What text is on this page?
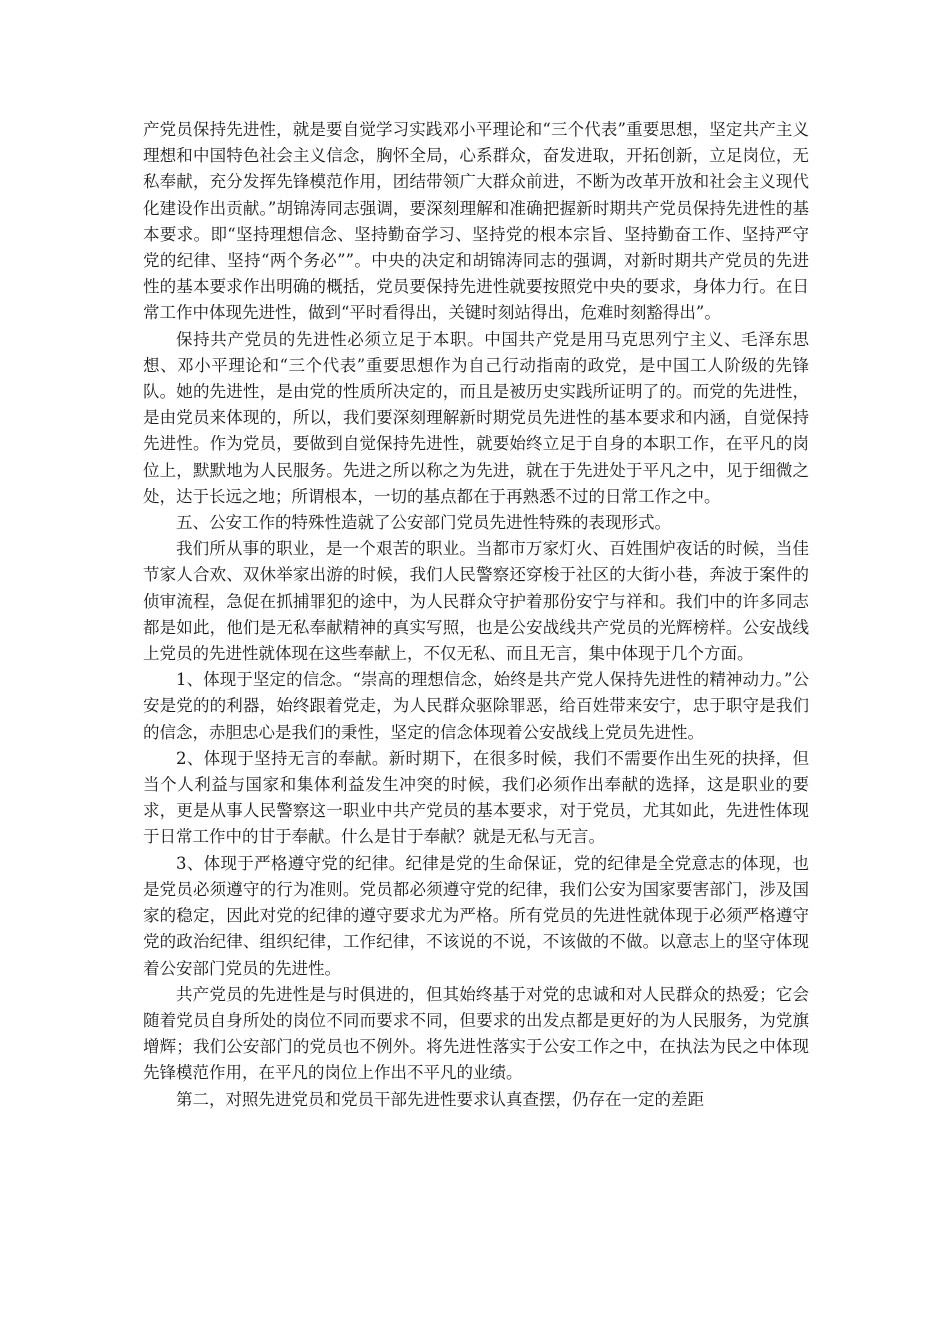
产党员保持先进性，就是要自觉学习实践邓小平理论和“三个代表”重要思想，坚定共产主义理想和中国特色社会主义信念，胸怀全局，心系群众，奋发进取，开拓创新，立足岗位，无私奉献，充分发挥先锋模范作用，团结带领广大群众前进，不断为改革开放和社会主义现代化建设作出贡献。”胡锦涛同志强调，要深刻理解和准确把握新时期共产党员保持先进性的基本要求。即“坚持理想信念、坚持勤奋学习、坚持党的根本宗旨、坚持勤奋工作、坚持严守党的纪律、坚持“两个务必””。中央的决定和胡锦涛同志的强调，对新时期共产党员的先进性的基本要求作出明确的概括，党员要保持先进性就要按照党中央的要求，身体力行。在日常工作中体现先进性，做到“平时看得出，关键时刻站得出，危难时刻豁得出”。

保持共产党员的先进性必须立足于本职。中国共产党是用马克思列宁主义、毛泽东思想、邓小平理论和“三个代表”重要思想作为自己行动指南的政党，是中国工人阶级的先锋队。她的先进性，是由党的性质所决定的，而且是被历史实践所证明了的。而党的先进性，是由党员来体现的，所以，我们要深刻理解新时期党员先进性的基本要求和内涵，自觉保持先进性。作为党员，要做到自觉保持先进性，就要始终立足于自身的本职工作，在平凡的岗位上，默默地为人民服务。先进之所以称之为先进，就在于先进处于平凡之中，见于细微之处，达于长远之地；所谓根本，一切的基点都在于再熟悉不过的日常工作之中。

五、公安工作的特殊性造就了公安部门党员先进性特殊的表现形式。

我们所从事的职业，是一个艰苦的职业。当都市万家灯火、百姓围炉夜话的时候，当佳节家人合欢、双休举家出游的时候，我们人民警察还穿梭于社区的大街小巷，奔波于案件的侦审流程，急促在抓捕罪犯的途中，为人民群众守护着那份安宁与祥和。我们中的许多同志都是如此，他们是无私奉献精神的真实写照，也是公安战线共产党员的光辉榜样。公安战线上党员的先进性就体现在这些奉献上，不仅无私、而且无言，集中体现于几个方面。

1、体现于坚定的信念。“崇高的理想信念，始终是共产党人保持先进性的精神动力。”公安是党的的利器，始终跟着党走，为人民群众驱除罪恶，给百姓带来安宁，忠于职守是我们的信念，赤胆忠心是我们的秉性，坚定的信念体现着公安战线上党员先进性。

2、体现于坚持无言的奉献。新时期下，在很多时候，我们不需要作出生死的抉择，但当个人利益与国家和集体利益发生冲突的时候，我们必须作出奉献的选择，这是职业的要求，更是从事人民警察这一职业中共产党员的基本要求，对于党员，尤其如此，先进性体现于日常工作中的甘于奉献。什么是甘于奉献？就是无私与无言。

3、体现于严格遵守党的纪律。纪律是党的生命保证，党的纪律是全党意志的体现，也是党员必须遵守的行为准则。党员都必须遵守党的纪律，我们公安为国家要害部门，涉及国家的稳定，因此对党的纪律的遵守要求尤为严格。所有党员的先进性就体现于必须严格遵守党的政治纪律、组织纪律，工作纪律，不该说的不说，不该做的不做。以意志上的坚守体现着公安部门党员的先进性。

共产党员的先进性是与时俱进的，但其始终基于对党的忠诚和对人民群众的热爱；它会随着党员自身所处的岗位不同而要求不同，但要求的出发点都是更好的为人民服务，为党旗增辉；我们公安部门的党员也不例外。将先进性落实于公安工作之中，在执法为民之中体现先锋模范作用，在平凡的岗位上作出不平凡的业绩。

第二，对照先进党员和党员干部先进性要求认真查摆，仍存在一定的差距
